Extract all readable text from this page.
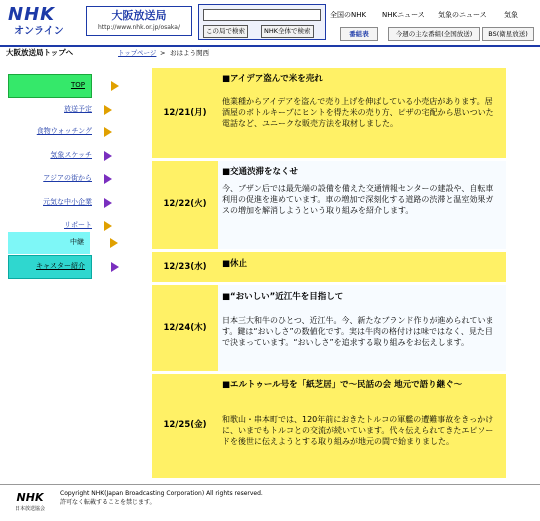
NHK
オンライン
大阪放送局
http://www.nhk.or.jp/osaka/	この局で検索	NHK全体で検索
全国のNHK NHKニュース 気象のニュース 気象
番組表	今週の主な番組(全国放送)	BS(衛星放送)
大阪放送局トップへ
TOP
放送予定
食物ウォッチング
気象スケッチ
アジアの街から
元気な中小企業
リポート
中継
キャスター紹介
トップページ > おはよう関西
12/21(月)
■アイデア盗んで米を売れ
他業種からアイデアを盗んで売り上げを伸ばしている小売店があります。居酒屋のボトルキープにヒントを得た米の売り方、ピザの宅配から思いついた電話など、ユニークな販売方法を取材しました。
12/22(火)
■交通渋滞をなくせ
今、ブザン后では最先端の設備を備えた交通情報センターの建設や、自転車利用の促進を進めています。車の増加で深刻化する道路の渋滞と温室効果ガスの増加を解消しようという取り組みを紹介します。
12/23(水)	■休止
12/24(木)
■“おいしい”近江牛を目指して
日本三大和牛のひとつ、近江牛。今、新たなブランド作りが進められています。鍵は“おいしさ”の数値化です。実は牛肉の格付けは味ではなく、見た目で決まっています。“おいしさ”を追求する取り組みをお伝えします。
12/25(金)
■エルトゥール号を「紙芝居」で〜民話の会 地元で語り継ぐ〜
和歌山・串本町では、120年前におきたトルコの軍艦の遭難事故をきっかけに、いまでもトルコとの交流が続いています。代々伝えられてきたエピソードを後世に伝えようとする取り組みが地元の間で始まりました。
NHK
日本放送協会
Copyright NHK(Japan Broadcasting Corporation) All rights reserved.
許可なく転載することを禁じます。
